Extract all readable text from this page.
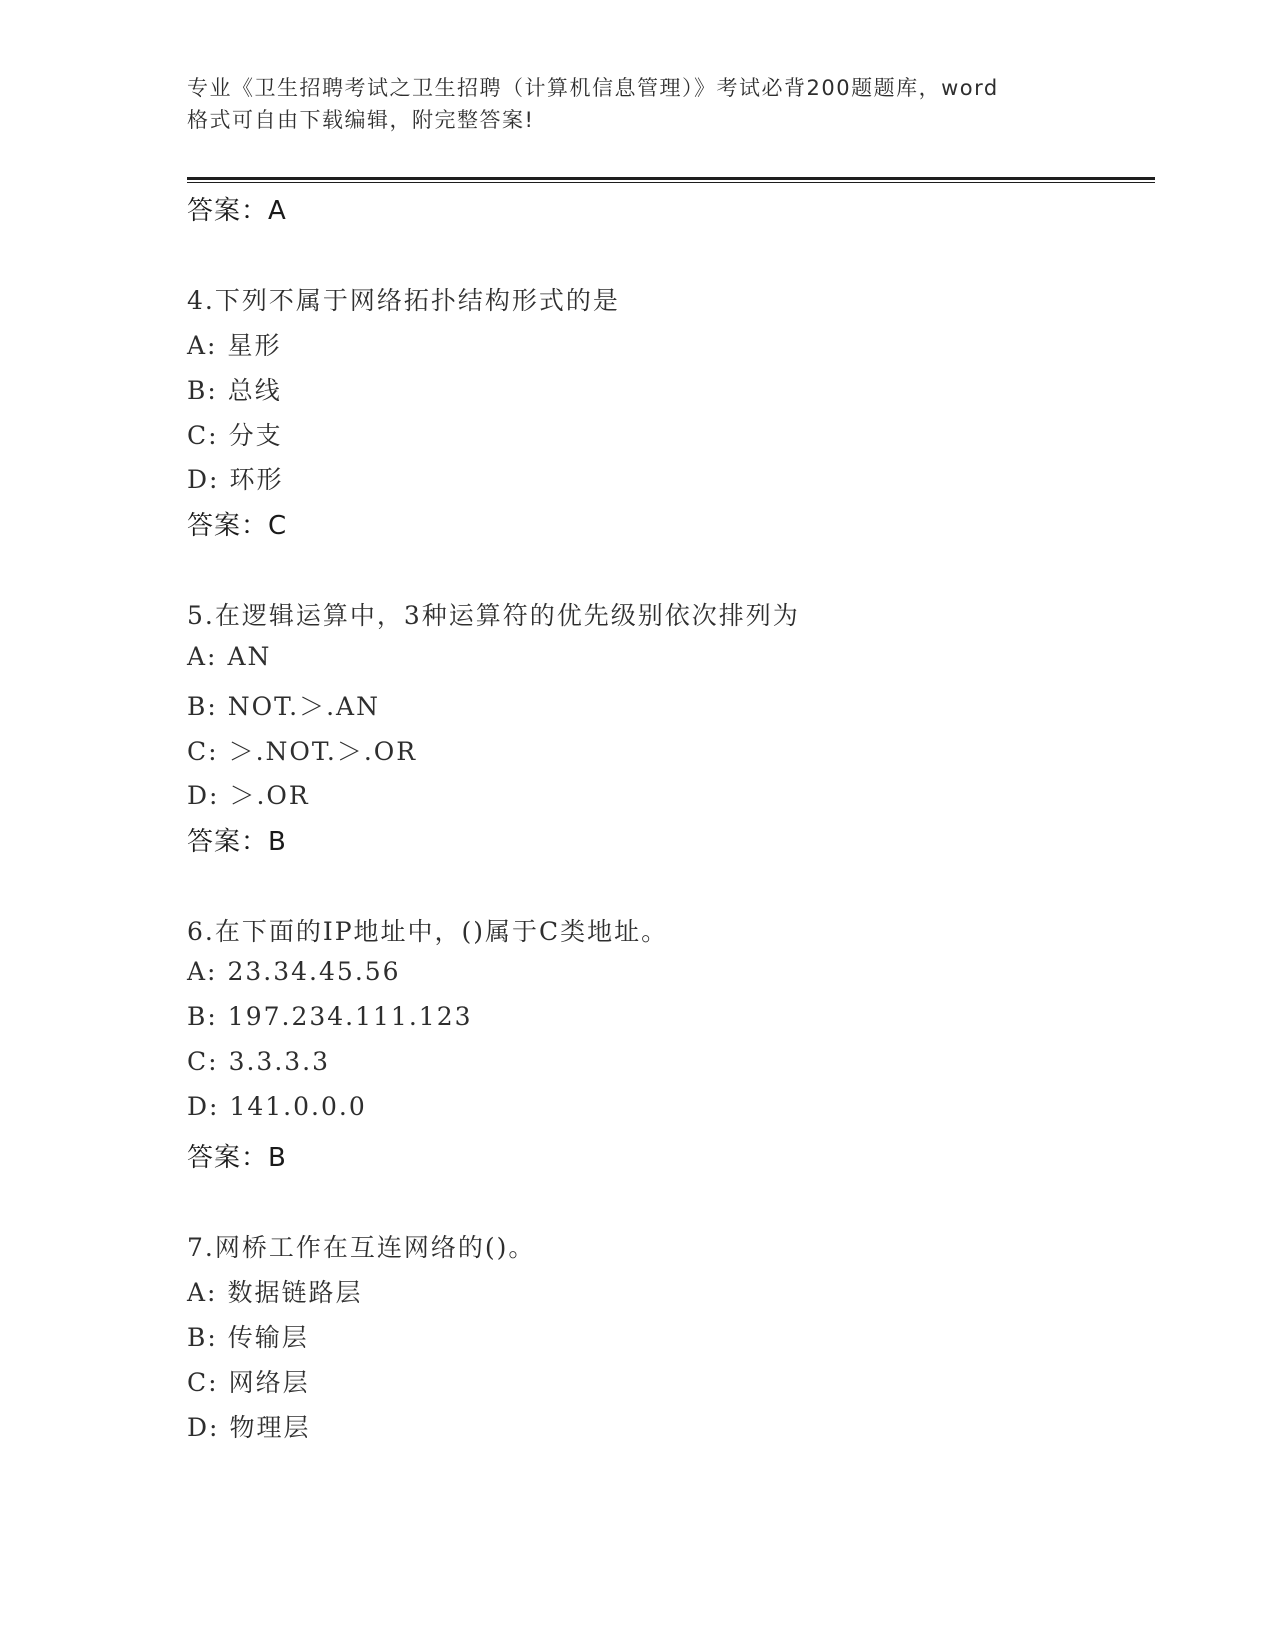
专业《卫生招聘考试之卫生招聘（计算机信息管理）》考试必背200题题库，word
格式可自由下载编辑，附完整答案!
答案：A
4.下列不属于网络拓扑结构形式的是
A: 星形
B: 总线
C: 分支
D: 环形
答案：C
5.在逻辑运算中，3种运算符的优先级别依次排列为
A: AN
B: NOT.＞.AN
C: ＞.NOT.＞.OR
D: ＞.OR
答案：B
6.在下面的IP地址中，()属于C类地址。
A: 23.34.45.56
B: 197.234.111.123
C: 3.3.3.3
D: 141.0.0.0
答案：B
7.网桥工作在互连网络的()。
A: 数据链路层
B: 传输层
C: 网络层
D: 物理层
